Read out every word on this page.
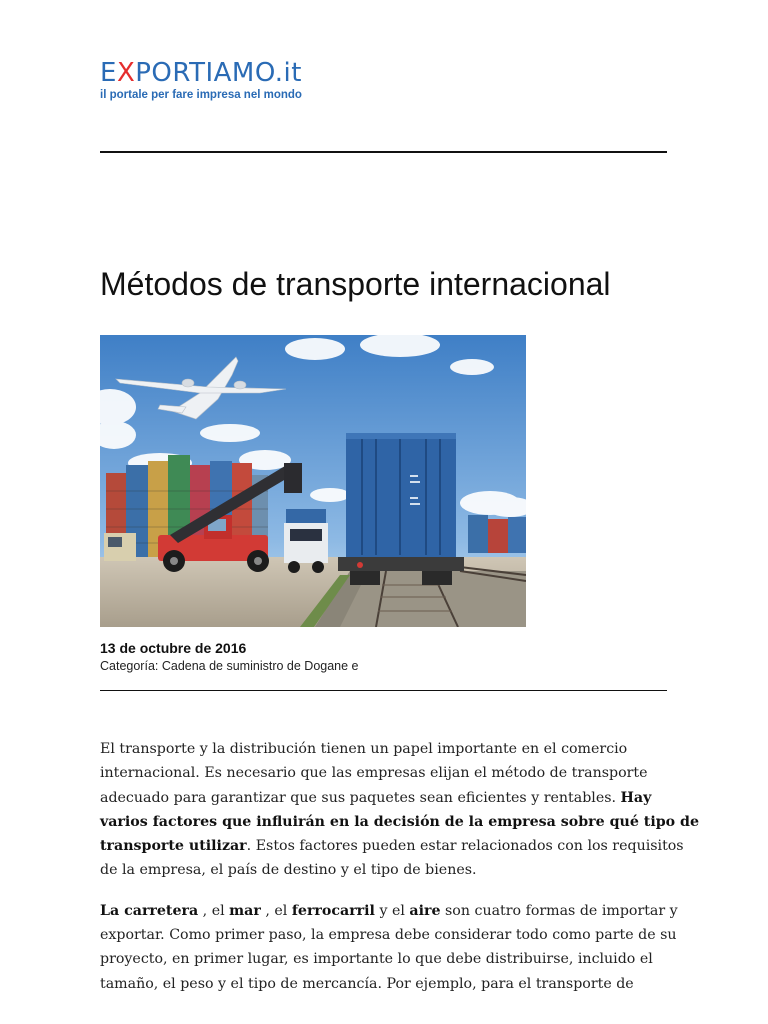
EXPORTIAMO.it
il portale per fare impresa nel mondo
Métodos de transporte internacional

13 de octubre de 2016

Categoría: Cadena de suministro de Dogane e

El transporte y la distribución tienen un papel importante en el comercio
internacional. Es necesario que las empresas elijan el método de transporte
adecuado para garantizar que sus paquetes sean eficientes y rentables. Hay
varios factores que influirán en la decisión de la empresa sobre qué tipo de
transporte utilizar. Estos factores pueden estar relacionados con los requisitos
de la empresa, el país de destino y el tipo de bienes.

La carretera , el mar , el ferrocarril y el aire son cuatro formas de importar y
exportar. Como primer paso, la empresa debe considerar todo como parte de su
proyecto, en primer lugar, es importante lo que debe distribuirse, incluido el
tamaño, el peso y el tipo de mercancía. Por ejemplo, para el transporte de
